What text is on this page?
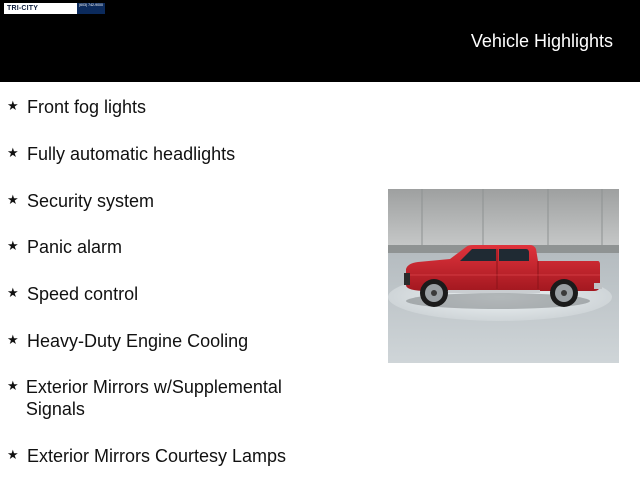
TRI-CITY	(603) 742-9000
Vehicle Highlights
★ Front fog lights
★ Fully automatic headlights
★ Security system
★ Panic alarm
★ Speed control
★ Heavy-Duty Engine Cooling
★ Exterior Mirrors w/Supplemental Signals
★ Exterior Mirrors Courtesy Lamps
